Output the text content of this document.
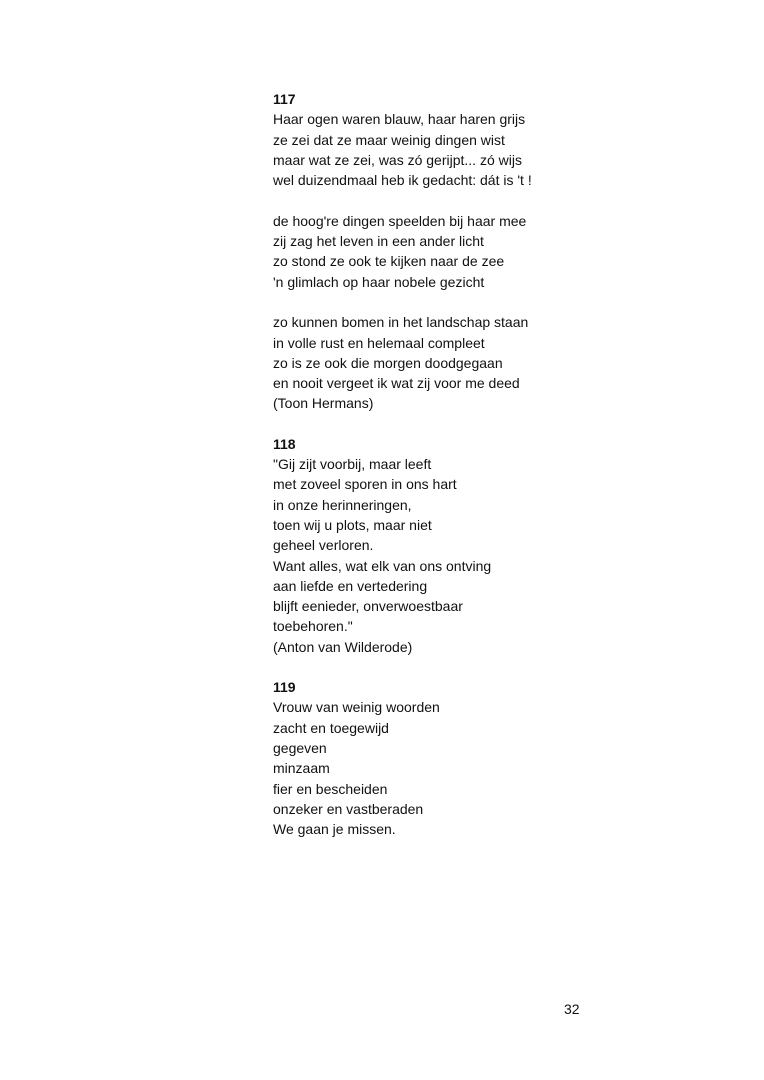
117
Haar ogen waren blauw, haar haren grijs
ze zei dat ze maar weinig dingen wist
maar wat ze zei, was zó gerijpt... zó wijs
wel duizendmaal heb ik gedacht: dát is 't !
de hoog're dingen speelden bij haar mee
zij zag het leven in een ander licht
zo stond ze ook te kijken naar de zee
'n glimlach op haar nobele gezicht
zo kunnen bomen in het landschap staan
in volle rust en helemaal compleet
zo is ze ook die morgen doodgegaan
en nooit vergeet ik wat zij voor me deed
(Toon Hermans)
118
"Gij zijt voorbij, maar leeft
met zoveel sporen in ons hart
in onze herinneringen,
toen wij u plots, maar niet
geheel verloren.
Want alles, wat elk van ons ontving
aan liefde en vertedering
blijft eenieder, onverwoestbaar
toebehoren."
(Anton van Wilderode)
119
Vrouw van weinig woorden
zacht en toegewijd
gegeven
minzaam
fier en bescheiden
onzeker en vastberaden
We gaan je missen.
32
